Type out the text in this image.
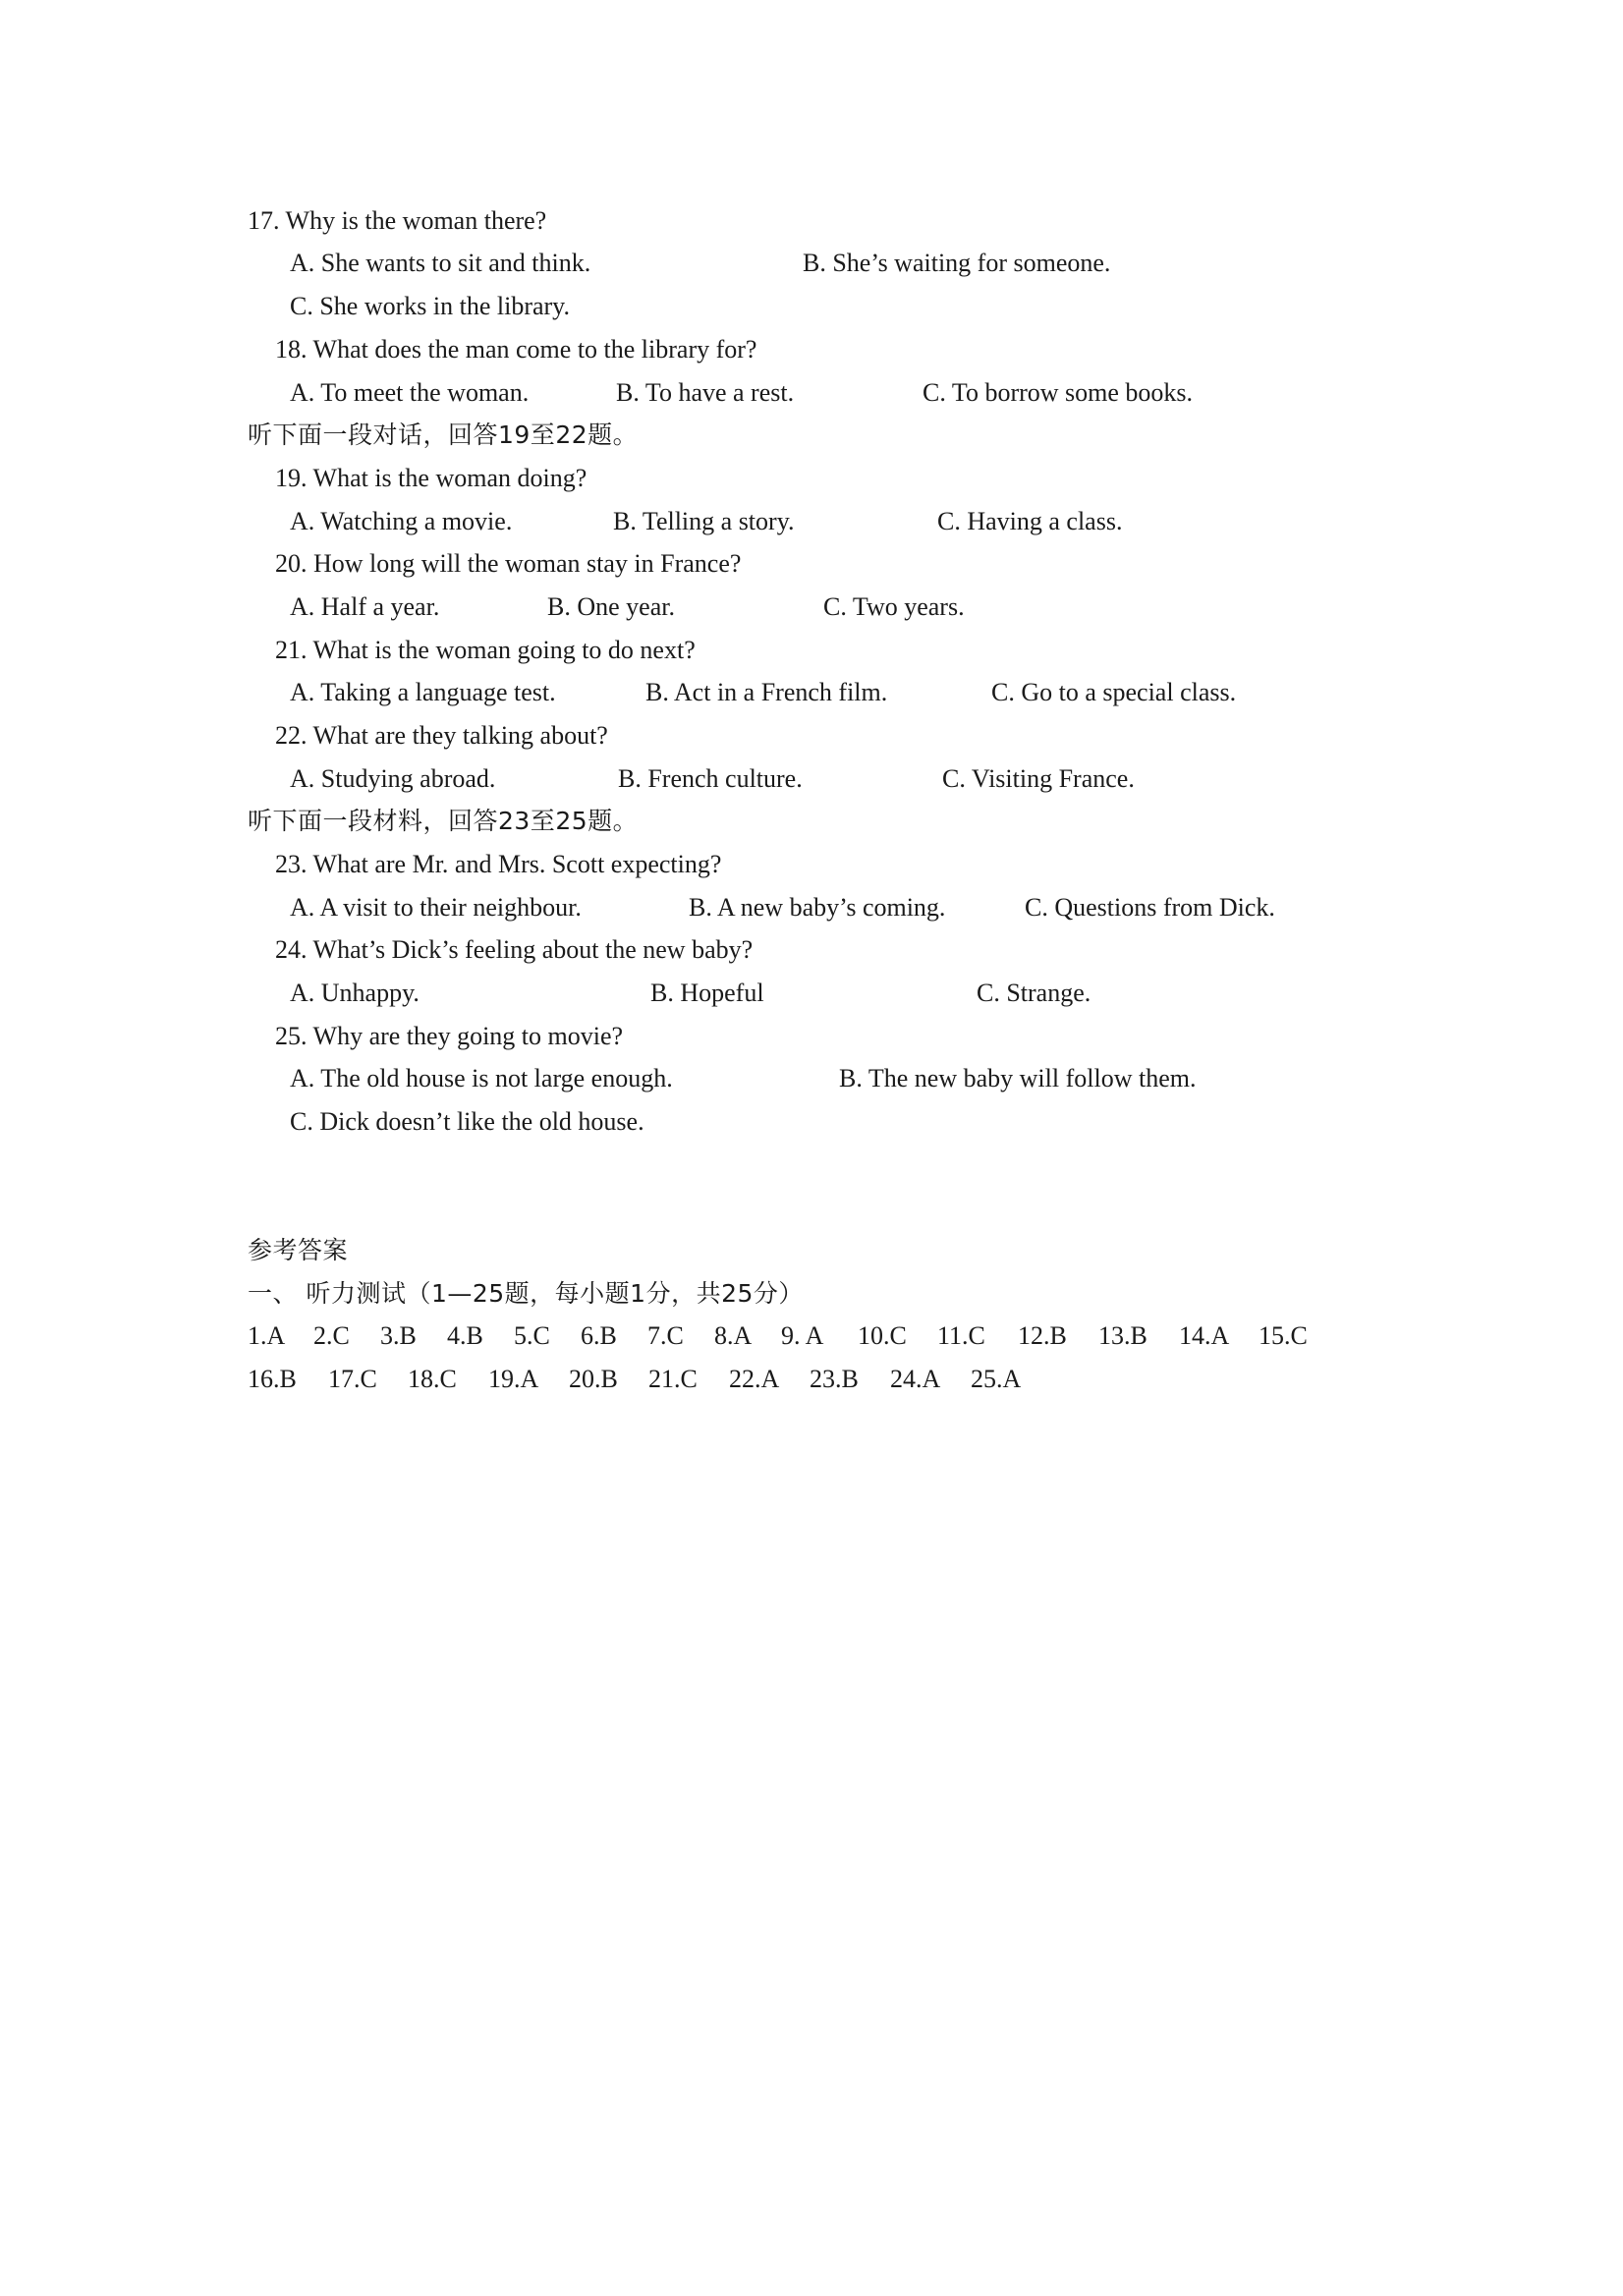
17. Why is the woman there?
A. She wants to sit and think.	B. She’s waiting for someone.
C. She works in the library.
18. What does the man come to the library for?
A. To meet the woman.	B. To have a rest.	C. To borrow some books.
听下面一段对话，回答19至22题。
19. What is the woman doing?
A. Watching a movie.	B. Telling a story.	C. Having a class.
20. How long will the woman stay in France?
A. Half a year.	B. One year.	C. Two years.
21. What is the woman going to do next?
A. Taking a language test.	B. Act in a French film.	C. Go to a special class.
22. What are they talking about?
A. Studying abroad.	B. French culture.	C. Visiting France.
听下面一段材料，回答23至25题。
23. What are Mr. and Mrs. Scott expecting?
A. A visit to their neighbour.	B. A new baby’s coming.	C. Questions from Dick.
24. What’s Dick’s feeling about the new baby?
A. Unhappy.	B. Hopeful	C. Strange.
25. Why are they going to movie?
A. The old house is not large enough.	B. The new baby will follow them.
C. Dick doesn’t like the old house.
参考答案
一、 听力测试（1—25题，每小题1分，共25分）
1.A 2.C 3.B 4.B 5.C 6.B 7.C 8.A 9. A 10.C 11.C 12.B 13.B 14.A 15.C
16.B 17.C 18.C 19.A 20.B 21.C 22.A 23.B 24.A 25.A
